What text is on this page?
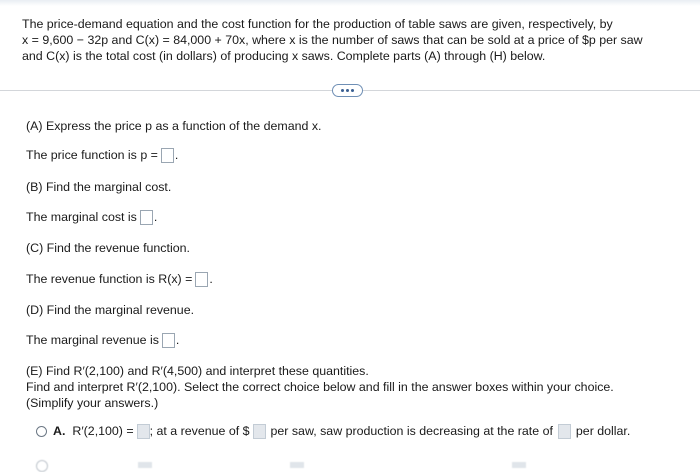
The price-demand equation and the cost function for the production of table saws are given, respectively, by
x = 9,600 − 32p and C(x) = 84,000 + 70x, where x is the number of saws that can be sold at a price of $p per saw
and C(x) is the total cost (in dollars) of producing x saws. Complete parts (A) through (H) below.
(A) Express the price p as a function of the demand x.
The price function is p = .
(B) Find the marginal cost.
The marginal cost is .
(C) Find the revenue function.
The revenue function is R(x) = .
(D) Find the marginal revenue.
The marginal revenue is .
(E) Find R′(2,100) and R′(4,500) and interpret these quantities.
Find and interpret R′(2,100). Select the correct choice below and fill in the answer boxes within your choice.
(Simplify your answers.)
A. R′(2,100) = ; at a revenue of $ per saw, saw production is decreasing at the rate of per dollar.
